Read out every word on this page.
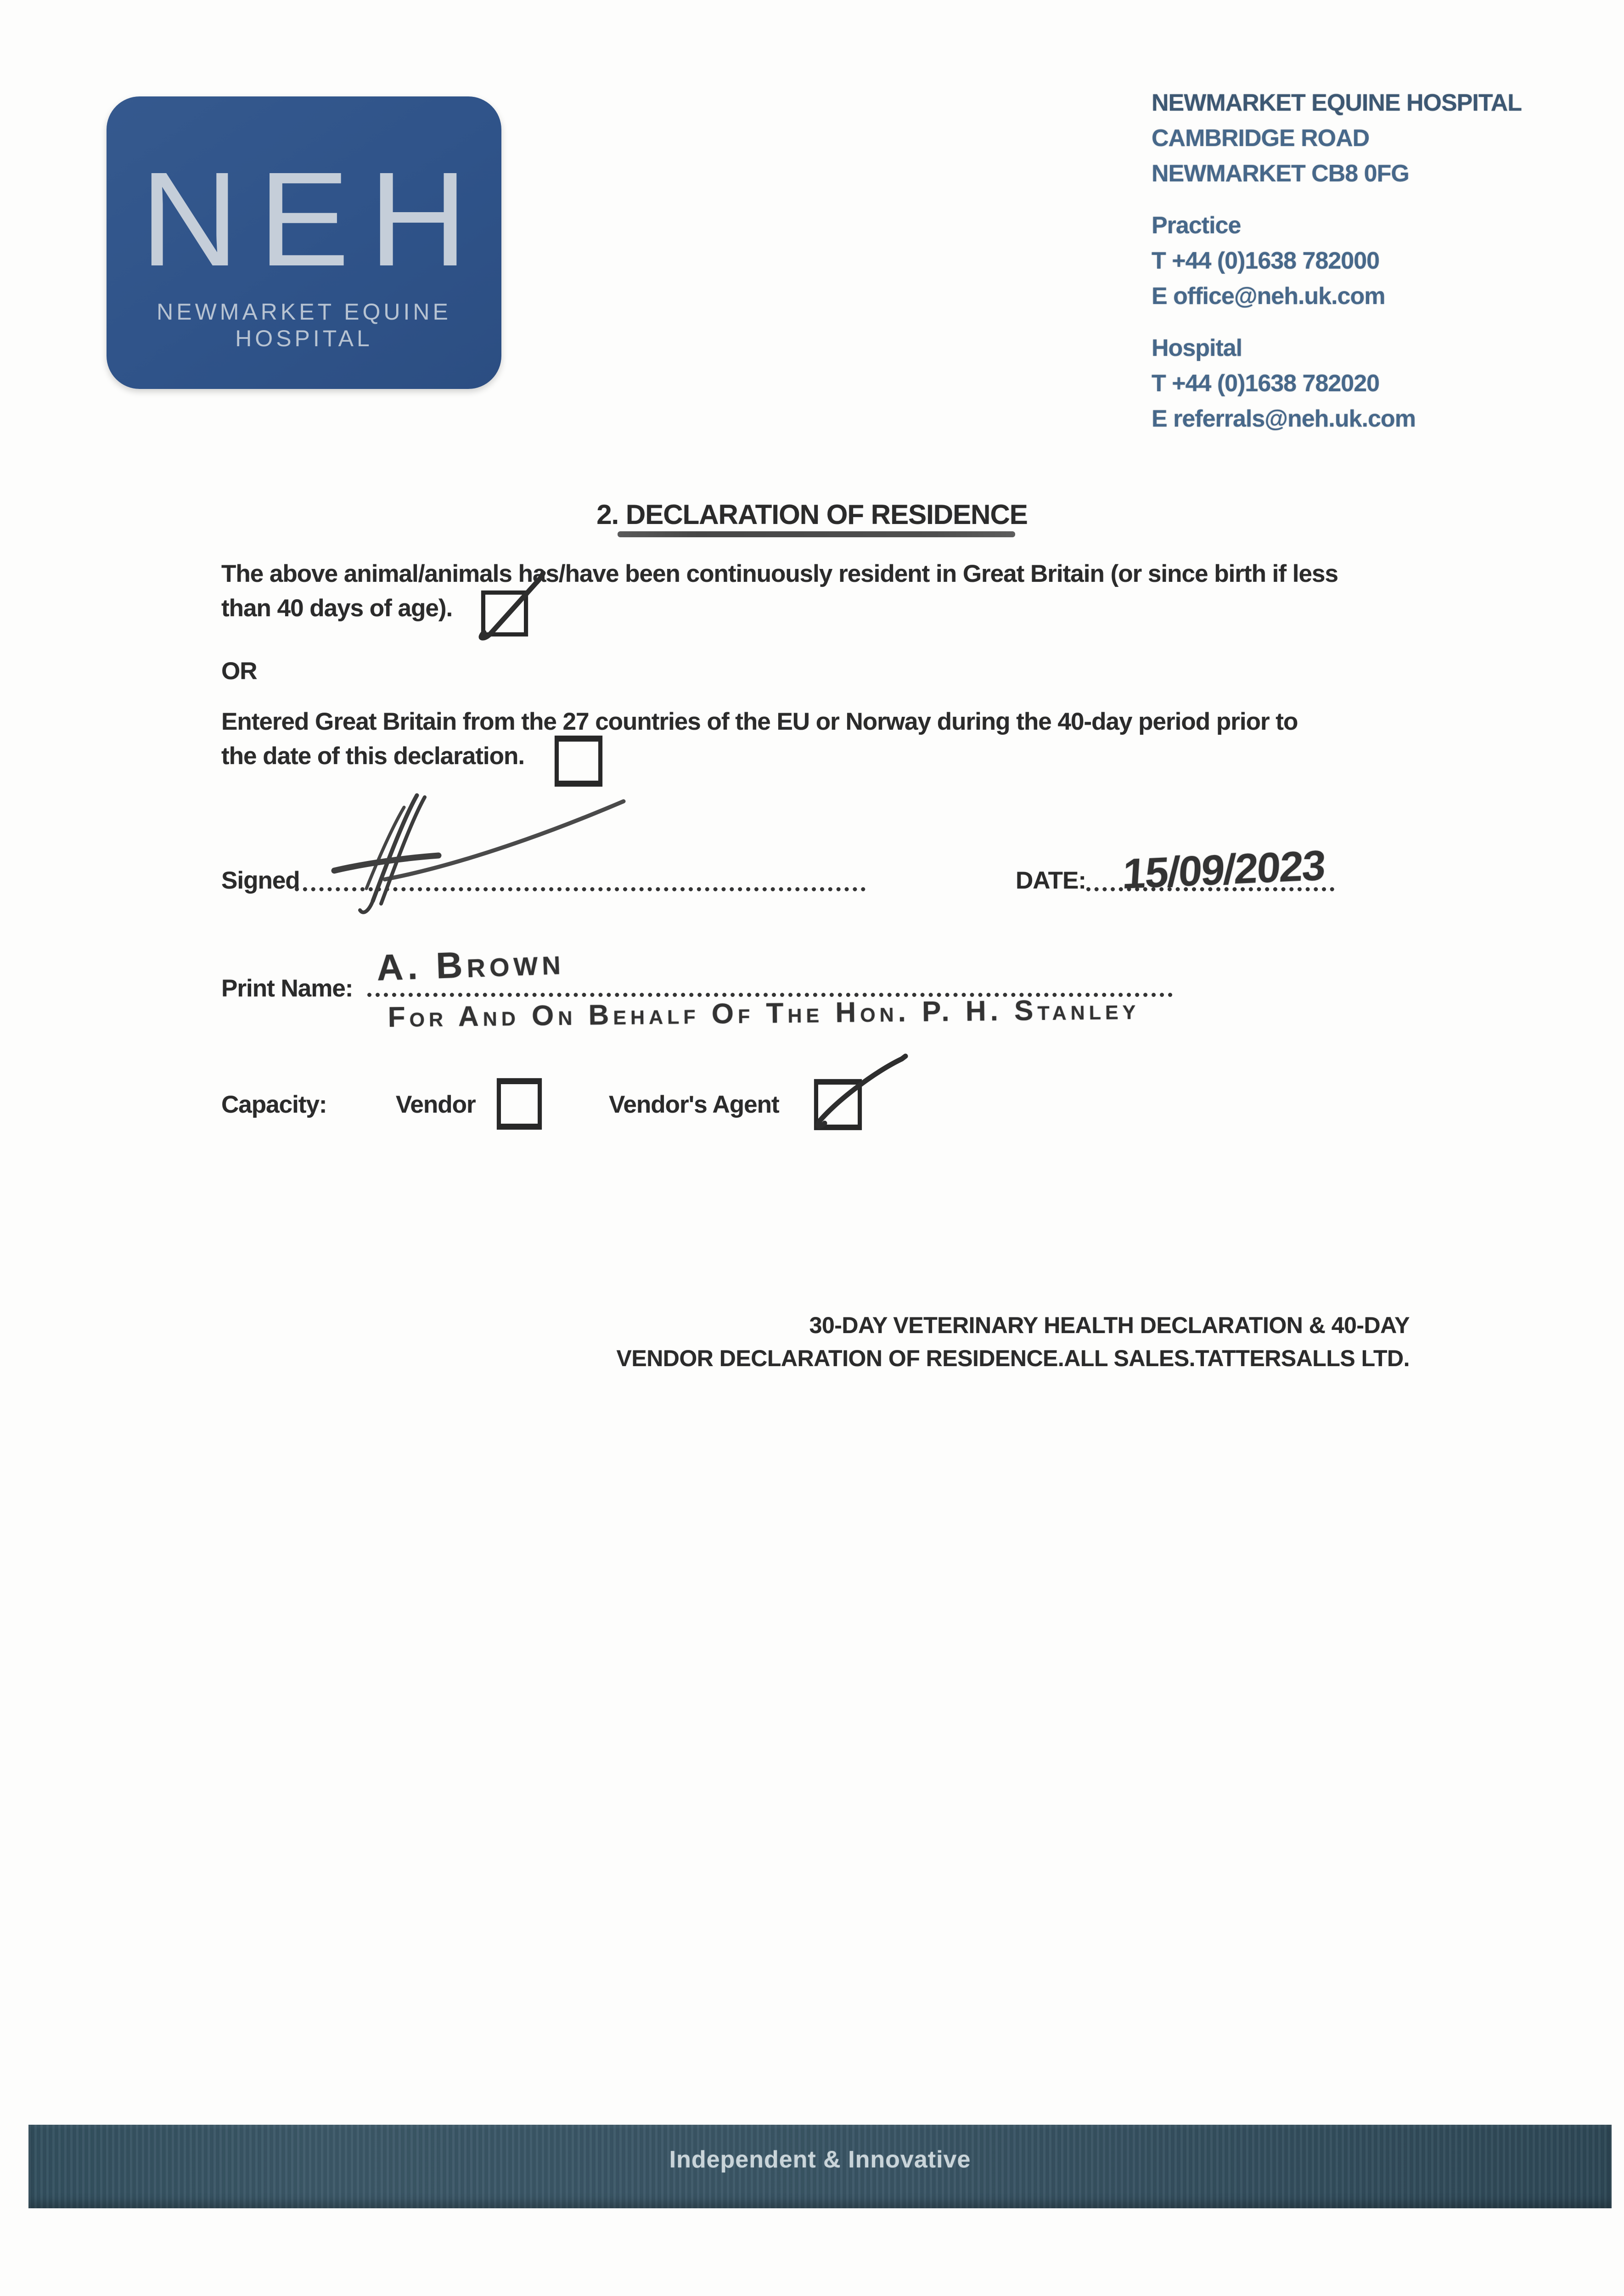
NEH
NEWMARKET EQUINE HOSPITAL
NEWMARKET EQUINE HOSPITAL
CAMBRIDGE ROAD
NEWMARKET CB8 0FG
Practice
T +44 (0)1638 782000
E office@neh.uk.com
Hospital
T +44 (0)1638 782020
E referrals@neh.uk.com
2. DECLARATION OF RESIDENCE
The above animal/animals has/have been continuously resident in Great Britain (or since birth if less
than 40 days of age).
OR
Entered Great Britain from the 27 countries of the EU or Norway during the 40-day period prior to
the date of this declaration.
Signed	DATE: 15/09/2023
Print Name:
A. Brown
For And On Behalf Of The Hon. P. H. Stanley
Capacity:	Vendor	Vendor's Agent
30-DAY VETERINARY HEALTH DECLARATION & 40-DAY
VENDOR DECLARATION OF RESIDENCE.ALL SALES.TATTERSALLS LTD.
Independent & Innovative
